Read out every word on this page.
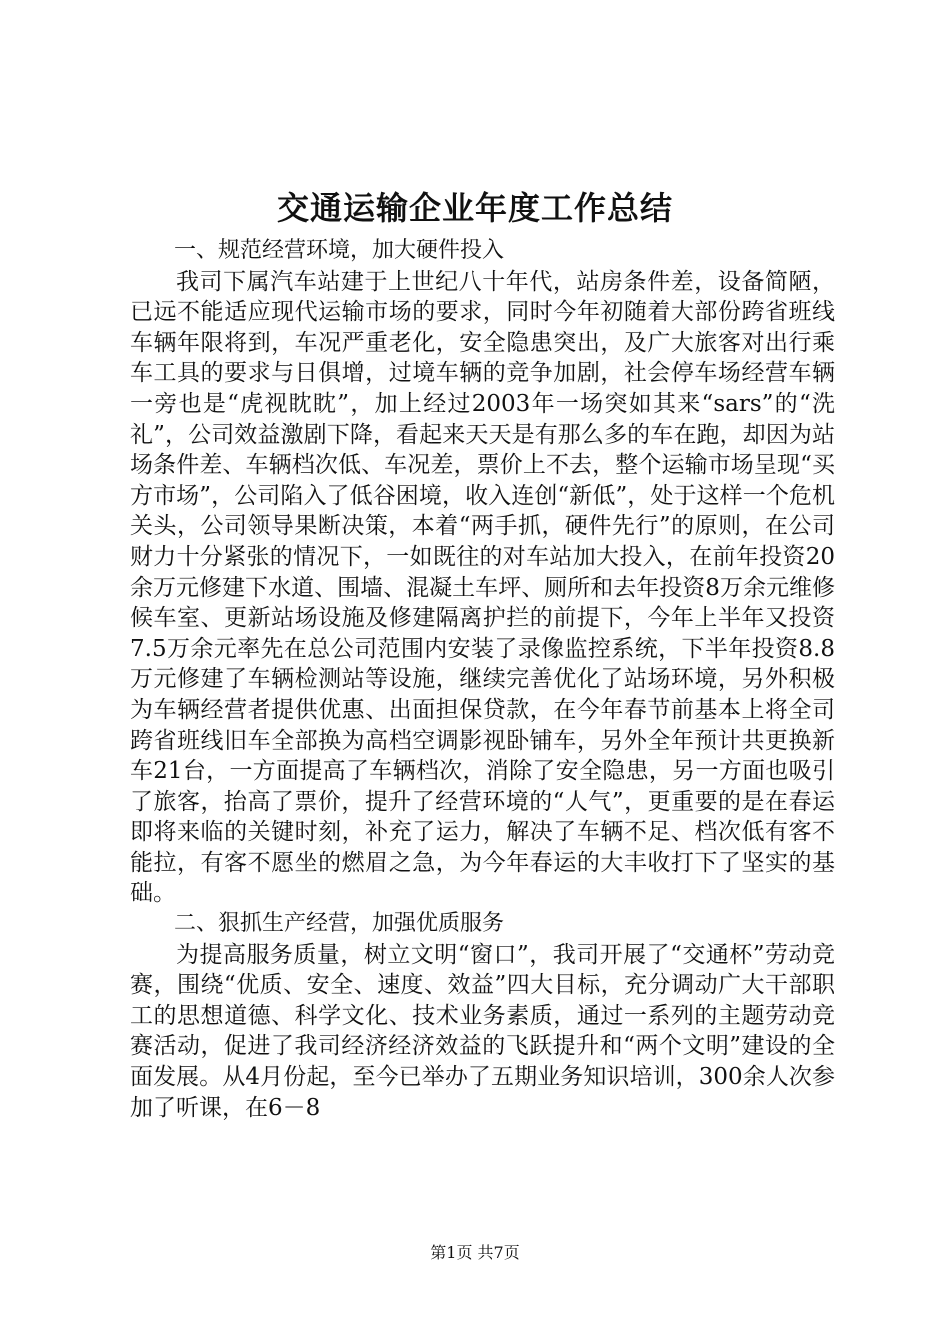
交通运输企业年度工作总结

一、规范经营环境，加大硬件投入

我司下属汽车站建于上世纪八十年代，站房条件差，设备简陋，已远不能适应现代运输市场的要求，同时今年初随着大部份跨省班线车辆年限将到，车况严重老化，安全隐患突出，及广大旅客对出行乘车工具的要求与日俱增，过境车辆的竞争加剧，社会停车场经营车辆一旁也是“虎视眈眈”，加上经过2003年一场突如其来“sars”的“洗礼”，公司效益激剧下降，看起来天天是有那么多的车在跑，却因为站场条件差、车辆档次低、车况差，票价上不去，整个运输市场呈现“买方市场”，公司陷入了低谷困境，收入连创“新低”，处于这样一个危机关头，公司领导果断决策，本着“两手抓，硬件先行”的原则，在公司财力十分紧张的情况下，一如既往的对车站加大投入，在前年投资20余万元修建下水道、围墙、混凝土车坪、厕所和去年投资8万余元维修候车室、更新站场设施及修建隔离护拦的前提下，今年上半年又投资7.5万余元率先在总公司范围内安装了录像监控系统，下半年投资8.8万元修建了车辆检测站等设施，继续完善优化了站场环境，另外积极为车辆经营者提供优惠、出面担保贷款，在今年春节前基本上将全司跨省班线旧车全部换为高档空调影视卧铺车，另外全年预计共更换新车21台，一方面提高了车辆档次，消除了安全隐患，另一方面也吸引了旅客，抬高了票价，提升了经营环境的“人气”，更重要的是在春运即将来临的关键时刻，补充了运力，解决了车辆不足、档次低有客不能拉，有客不愿坐的燃眉之急，为今年春运的大丰收打下了坚实的基础。

二、狠抓生产经营，加强优质服务

为提高服务质量，树立文明“窗口”，我司开展了“交通杯”劳动竞赛，围绕“优质、安全、速度、效益”四大目标，充分调动广大干部职工的思想道德、科学文化、技术业务素质，通过一系列的主题劳动竞赛活动，促进了我司经济经济效益的飞跃提升和“两个文明”建设的全面发展。从4月份起，至今已举办了五期业务知识培训，300余人次参加了听课，在6－8

第1页 共7页
